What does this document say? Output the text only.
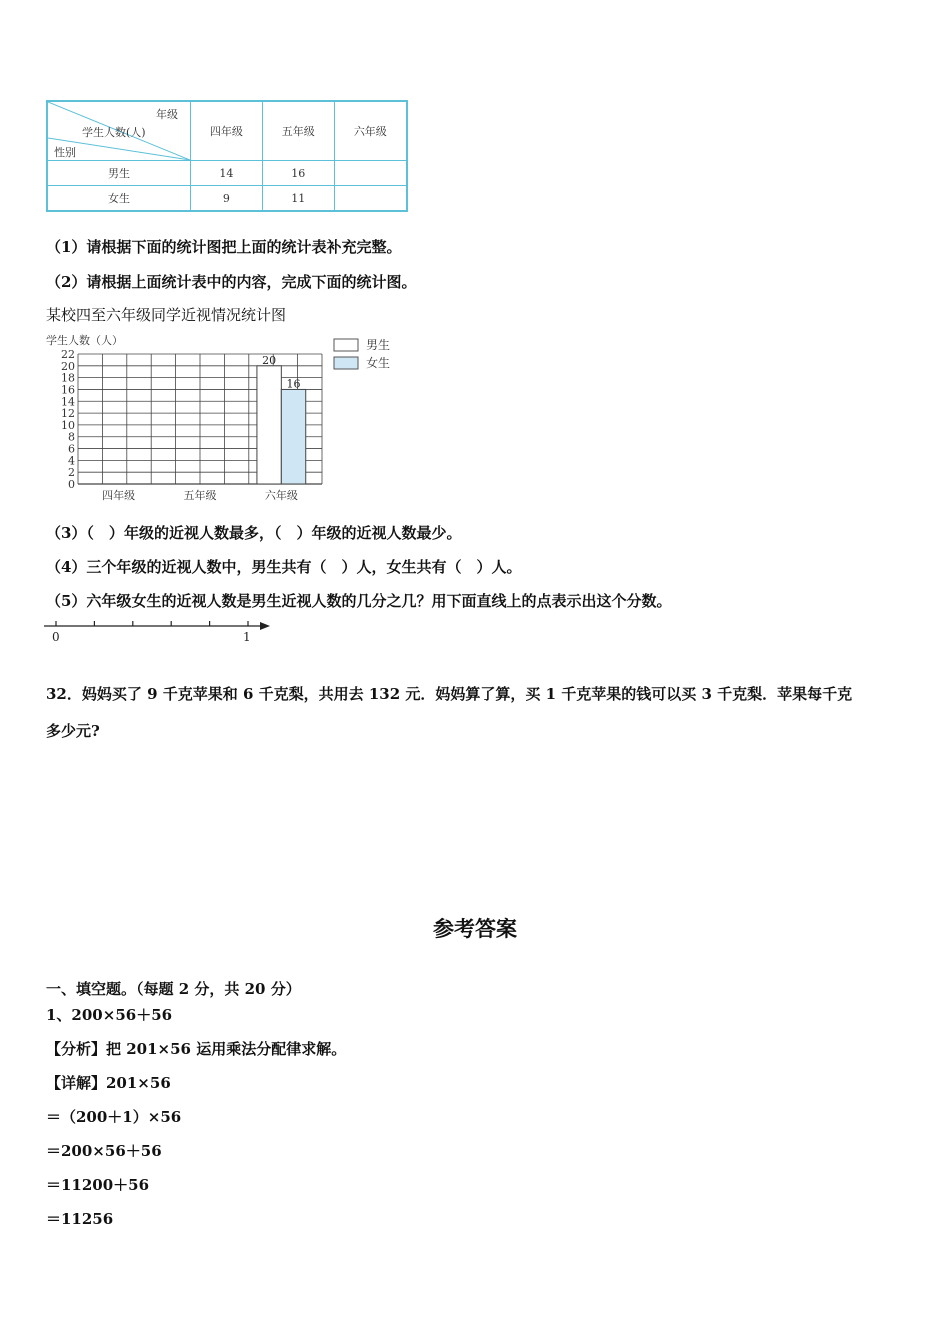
年级
学生人数(人)
性别	四年级	五年级	六年级
男生	14	16	
女生	9	11	
（1）请根据下面的统计图把上面的统计表补充完整。
（2）请根据上面统计表中的内容，完成下面的统计图。
某校四至六年级同学近视情况统计图
学生人数（人）
0
2
4
6
8
10
12
14
16
18
20
22	20
16
四年级	五年级	六年级
男生
女生
（3）（　）年级的近视人数最多，（　）年级的近视人数最少。
（4）三个年级的近视人数中，男生共有（　）人，女生共有（　）人。
（5）六年级女生的近视人数是男生近视人数的几分之几？用下面直线上的点表示出这个分数。
0	1
32．妈妈买了 9 千克苹果和 6 千克梨，共用去 132 元．妈妈算了算，买 1 千克苹果的钱可以买 3 千克梨．苹果每千克
多少元?
参考答案
一、填空题。（每题 2 分，共 20 分）
1、200×56＋56
【分析】把 201×56 运用乘法分配律求解。
【详解】201×56
＝（200＋1）×56
＝200×56＋56
＝11200＋56
＝11256
